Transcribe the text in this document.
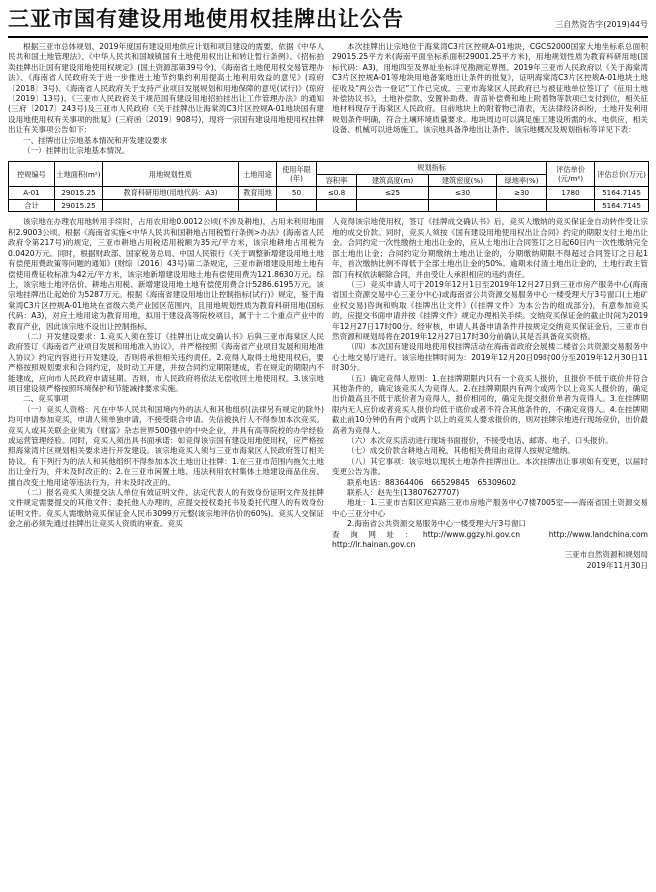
三亚市国有建设用地使用权挂牌出让公告	三自然资告字(2019)44号

根据三亚市总体规划、2019年度国有建设用地供应计划和项目建设的需要，依据《中华人民共和国土地管理法》、《中华人民共和国城镇国有土地使用权出让和转让暂行条例》、《招标拍卖挂牌出让国有建设用地使用权规定》(国土资源部第39号令)、《海南省土地使用权交易管理办法》、《海南省人民政府关于进一步推进土地节约集约利用提高土地利用效益的意见》(琼府〔2018〕3号)、《海南省人民政府关于支持产业项目发展规划和用地保障的意见(试行)》(琼府〔2019〕13号)、《三亚市人民政府关于规范国有建设用地招拍挂出让工作管理办法》的通知(三府〔2017〕243号)及三亚市人民政府《关于挂牌出让海棠湾C3片区控规A-01地块国有建设用地使用权有关事项的批复》(三府函〔2019〕908号)，现将一宗国有建设用地使用权挂牌出让有关事项公告如下：

一、挂牌出让宗地基本情况和开发建设要求

（一）挂牌出让宗地基本情况。

本次挂牌出让宗地位于海棠湾C3片区控规A-01地块，CGCS2000国家大地坐标系总面积29015.25平方米(海南平面坐标系面积29001.25平方米)，用地规划性质为教育科研用地(国标代码：A3)，用地四至及界址坐标详见勘测定界图。2019年三亚市人民政府以《关于海棠湾C3片区控规A-01等地块用地备案地出让条件的批复》，证明海棠湾C3片区控规A-01地块土地征收及“两公告一登记”工作已完成。三亚市海棠区人民政府已与被征地单位签订了《征用土地补偿协议书》，土地补偿款、安置补助费、青苗补偿费和地上附着物等款项已支付到位，相关征地材料现存于海棠区人民政府。目前地块上的附着物已清表，无法律经济纠纷，土地开发利用规划条件明确，符合土壤环境质量要求。地块周边可以满足施工建设所需的水、电供应，相关设备、机械可以进场施工。该宗地具备净地出让条件。该宗地概况及规划指标等详见下表：

控规编号	土地面积(m²)	用地规划性质	土地用途	使用年限(年)	规划指标				评估单价(元/m²)	评估总价(万元)
					容积率	建筑高度(m)	建筑密度(%)	绿地率(%)		
A-01	29015.25	教育科研用地(用地代码：A3)	教育用地	50	≤0.8	≤25	≤30	≥30	1780	5164.7145
合计	29015.25									5164.7145

该宗地在办理农用地转用手续时，占用农用地0.0012公顷(不涉及耕地)，占用未利用地面积2.9003公顷。根据《海南省实施<中华人民共和国耕地占用税暂行条例>办法》(海南省人民政府令第217号)的规定，三亚市耕地占用税适用税额为35元/平方米，该宗地耕地占用税为0.0420万元。同时，根据财政部、国家税务总局、中国人民银行《关于调整新增建设用地土地有偿使用费政策等问题的通知》(财综〔2016〕43号)第二条规定，三亚市新增建设用地土地有偿使用费征收标准为42元/平方米，该宗地新增建设用地土地有偿使用费为121.8630万元。综上，该宗地土地评估价、耕地占用税、新增建设用地土地有偿使用费合计5286.6195万元。该宗地挂牌出让起始价为5287万元。根据《海南省建设用地出让控制指标(试行)》规定，鉴于海棠湾C3片区控规A-01地块在省级六类产业园区范围内，且用地规划性质为教育科研用地(国标代码：A3)，对应土地用途为教育用地，拟用于建设高等院校项目，属于十二个重点产业中的教育产业，因此该宗地不设出让控制指标。

（二）开发建设要求：1.竞买人须在签订《挂牌出让成交确认书》后與三亚市海棠区人民政府签订《海南省产业项目发展和用地准入协议》，并严格按照《海南省产业项目发展和用地准入协议》约定内容进行开发建设，否则将承担相关违约责任。2.竞得人取得土地使用权后，要严格按照规划要求和合同约定，及时动工开建，并按合同约定期限建成，若在规定的期限内不能建成，应向市人民政府申请延期。否则，市人民政府将依法无偿收回土地使用权。3.该宗地项目建设须严格按照环境保护和节能减排要求实施。

二、竞买事项

（一）竞买人资格：凡在中华人民共和国境内外的法人和其他组织(法律另有规定的除外)均可申请参加竞买，申请人须单独申请，不接受联合申请。失信被执行人不得参加本次竞买。竞买人或其关联企业须为《财富》杂志世界500强中的中央企业，并具有高等院校的办学经验或运营管理经验。同时，竞买人须出具书面承诺：如竞得该宗国有建设用地使用权，应严格按照海棠湾片区规划相关要求进行开发建设。该宗地竞买人须与三亚市海棠区人民政府签订相关协议。有下列行为的法人和其他组织不得参加本次土地出让挂牌：1.在三亚市范围内拖欠土地出让金行为，并未及时改正的；2.在三亚市闲置土地、违法利用农村集体土地建设商品住房、擅自改变土地用途等违法行为，并未及时改正的。

（二）报名竞买人须提交法人单位有效证明文件、法定代表人的有效身份证明文件及挂牌文件规定需要提交的其他文件；委托他人办理的，应提交授权委托书及委托代理人的有效身份证明文件。竞买人需缴纳竞买保证金人民币3099万元整(该宗地评估价的60%)。竞买人交保证金之前必须先通过挂牌出让竞买人资质的审查。竞买

人竞得该宗地使用权，签订《挂牌成交确认书》后，竞买人缴纳的竞买保证金自动转作受让宗地的成交价款。同时，竞买人须按《国有建设用地使用权出让合同》约定的期限支付土地出让金。合同约定一次性缴纳土地出让金的，应从土地出让合同签订之日起60日内一次性缴纳完全部土地出让金；合同约定分期缴纳土地出让金的，分期缴纳期限不得超过合同签订之日起1年，首次缴纳比例不得低于全部土地出让金的50%。逾期未付清土地出让金的，土地行政主管部门有权依法解除合同，并由受让人承担相应的违约责任。

（三）竞买申请人可于2019年12月1日至2019年12月27日到三亚市房产服务中心(海南省国土资源交易中心三亚分中心)或海南省公共资源交易服务中心一楼受理大厅3号窗口(土地矿业权交易)咨询和购取《挂牌出让文件》(《挂牌文件》为本公告的组成部分)，有意参加竞买的，应提交书面申请并按《挂牌文件》规定办理相关手续。交纳竞买保证金的截止时间为2019年12月27日17时00分。经审核，申请人具备申请条件并按规定交纳竞买保证金后，三亚市自然资源和规划局将在2019年12月27日17时30分前确认其是否具备竞买资格。

（四）本次国有建设用地使用权挂牌活动在海南省政府会展楼二楼省公共资源交易服务中心土地交易厅进行。该宗地挂牌时间为：2019年12月20日09时00分至2019年12月30日11时30分。

（五）确定竞得人原则：1.在挂牌期限内只有一个竞买人报价，且报价不低于底价并符合其他条件的，确定该竞买人为竞得人。2.在挂牌期限内有两个或两个以上竞买人报价的，确定出价最高且不低于底价者为竞得人，报价相同的，确定先提交报价单者为竞得人。3.在挂牌期限内无人应价或者竞买人报价均低于底价或者不符合其他条件的，不确定竞得人。4.在挂牌期截止前10分钟仍有两个或两个以上的竞买人要求报价的，则对挂牌宗地进行现场竞价，出价最高者为竞得人。

（六）本次竞买活动进行现场书面报价，不接受电话、邮寄、电子、口头报价。

（七）成交价款含耕地占用税，其他相关费用由竞得人按规定缴纳。

（八）其它事项：该宗地以现状土地条件挂牌出让。本次挂牌出让事项如有变更，以届时变更公告为准。

联系电话：88364406　66529845　65309602

联系人：赵先生(13807627707)

地址：1.三亚市吉阳区迎宾路三亚市房地产服务中心7楼7005室——海南省国土资源交易中心三亚分中心

2.海南省公共资源交易服务中心一楼受理大厅3号窗口

查询网址：http://www.ggzy.hi.gov.cn　http://www.landchina.com　http://lr.hainan.gov.cn

三亚市自然资源和规划局

2019年11月30日
